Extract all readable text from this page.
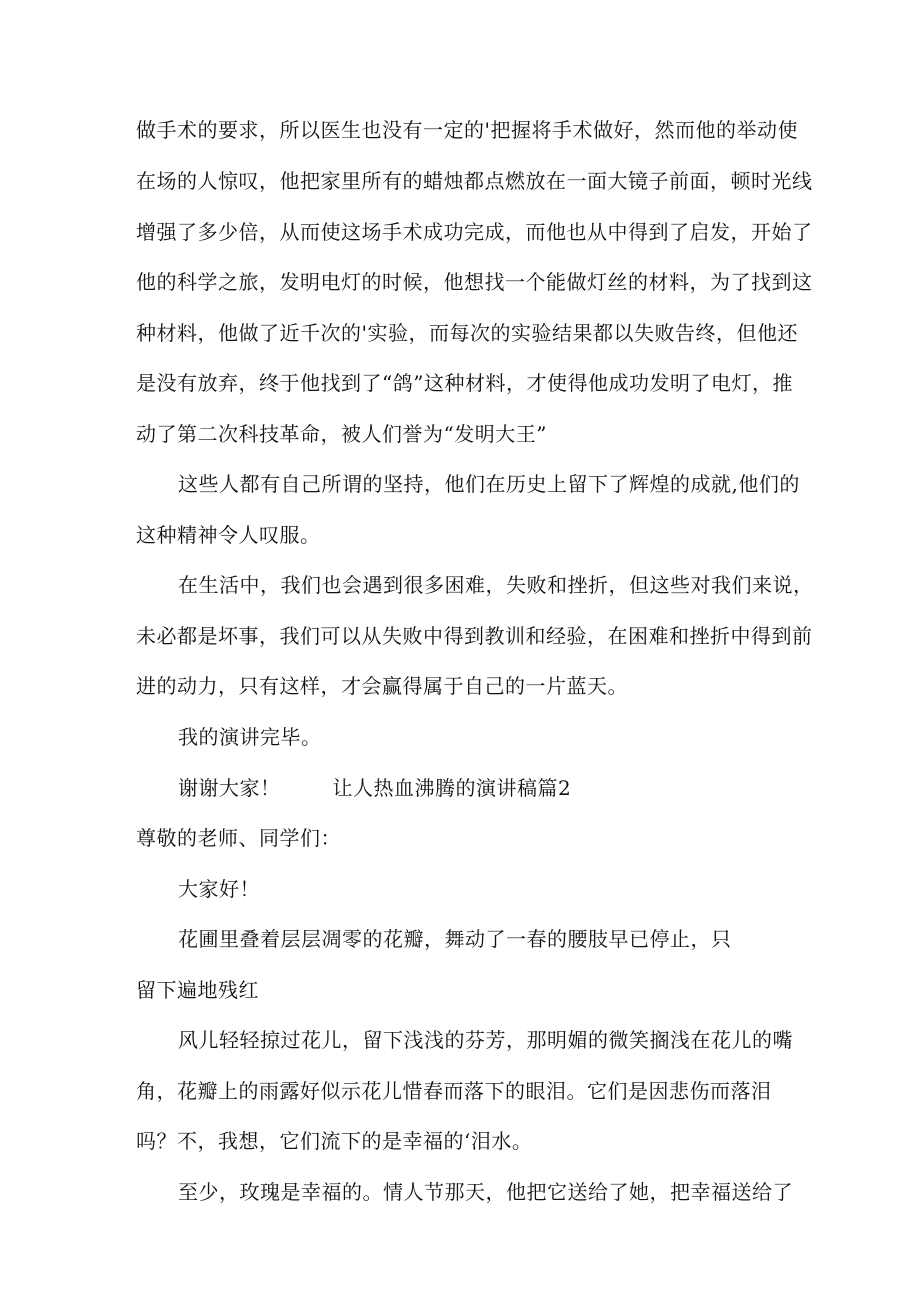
做手术的要求，所以医生也没有一定的'把握将手术做好，然而他的举动使
在场的人惊叹，他把家里所有的蜡烛都点燃放在一面大镜子前面，顿时光线
增强了多少倍，从而使这场手术成功完成，而他也从中得到了启发，开始了
他的科学之旅，发明电灯的时候，他想找一个能做灯丝的材料，为了找到这
种材料，他做了近千次的'实验，而每次的实验结果都以失败告终，但他还
是没有放弃，终于他找到了“鸽”这种材料，才使得他成功发明了电灯，推
动了第二次科技革命，被人们誉为“发明大王”
这些人都有自己所谓的坚持，他们在历史上留下了辉煌的成就,他们的
这种精神令人叹服。
在生活中，我们也会遇到很多困难，失败和挫折，但这些对我们来说，
未必都是坏事，我们可以从失败中得到教训和经验，在困难和挫折中得到前
进的动力，只有这样，才会赢得属于自己的一片蓝天。
我的演讲完毕。
谢谢大家！	让人热血沸腾的演讲稿篇2
尊敬的老师、同学们：
大家好！
花圃里叠着层层凋零的花瓣，舞动了一春的腰肢早已停止，只
留下遍地残红
风儿轻轻掠过花儿，留下浅浅的芬芳，那明媚的微笑搁浅在花儿的嘴
角，花瓣上的雨露好似示花儿惜春而落下的眼泪。它们是因悲伤而落泪
吗？不，我想，它们流下的是幸福的‘泪水。
至少，玫瑰是幸福的。情人节那天，他把它送给了她，把幸福送给了
